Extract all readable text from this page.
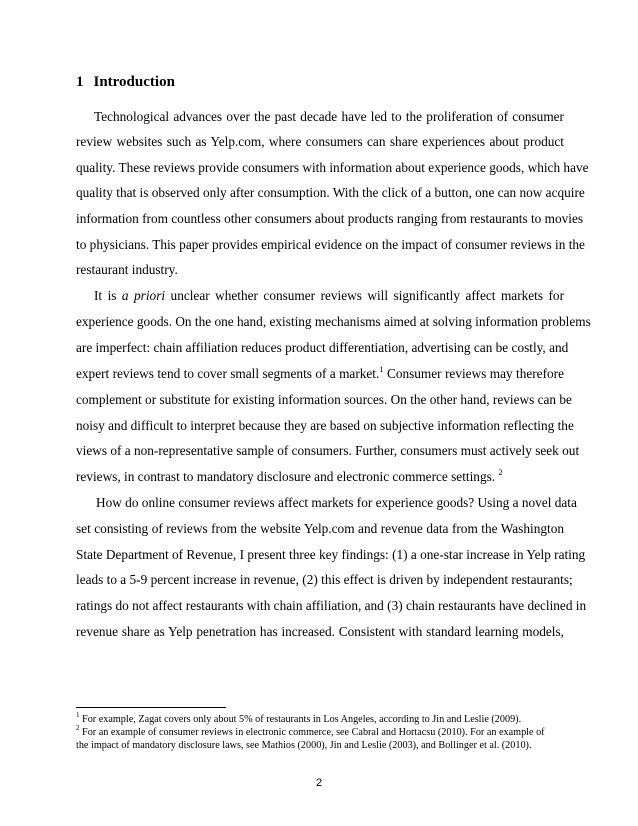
1 Introduction
Technological advances over the past decade have led to the proliferation of consumer
review websites such as Yelp.com, where consumers can share experiences about product
quality. These reviews provide consumers with information about experience goods, which have
quality that is observed only after consumption. With the click of a button, one can now acquire
information from countless other consumers about products ranging from restaurants to movies
to physicians. This paper provides empirical evidence on the impact of consumer reviews in the
restaurant industry.
It is a priori unclear whether consumer reviews will significantly affect markets for
experience goods. On the one hand, existing mechanisms aimed at solving information problems
are imperfect: chain affiliation reduces product differentiation, advertising can be costly, and
expert reviews tend to cover small segments of a market.$^1$ Consumer reviews may therefore
complement or substitute for existing information sources. On the other hand, reviews can be
noisy and difficult to interpret because they are based on subjective information reflecting the
views of a non-representative sample of consumers. Further, consumers must actively seek out
reviews, in contrast to mandatory disclosure and electronic commerce settings. $^2$
How do online consumer reviews affect markets for experience goods? Using a novel data
set consisting of reviews from the website Yelp.com and revenue data from the Washington
State Department of Revenue, I present three key findings: (1) a one-star increase in Yelp rating
leads to a 5-9 percent increase in revenue, (2) this effect is driven by independent restaurants;
ratings do not affect restaurants with chain affiliation, and (3) chain restaurants have declined in
revenue share as Yelp penetration has increased. Consistent with standard learning models,
$^1$ For example, Zagat covers only about 5% of restaurants in Los Angeles, according to Jin and Leslie (2009).
$^2$ For an example of consumer reviews in electronic commerce, see Cabral and Hortacsu (2010). For an example of
the impact of mandatory disclosure laws, see Mathios (2000), Jin and Leslie (2003), and Bollinger et al. (2010).
2
